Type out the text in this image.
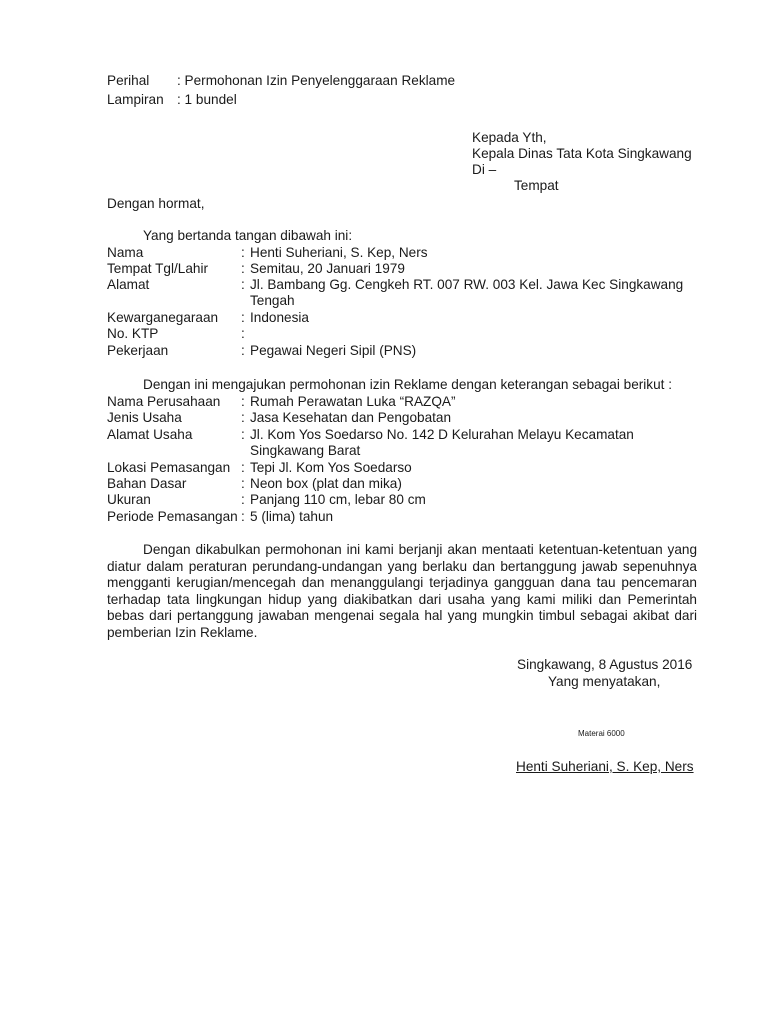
Perihal : Permohonan Izin Penyelenggaraan Reklame
Lampiran : 1 bundel
Kepada Yth,
Kepala Dinas Tata Kota Singkawang
Di –
Tempat
Dengan hormat,
Yang bertanda tangan dibawah ini:
Nama	: Henti Suheriani, S. Kep, Ners
Tempat Tgl/Lahir : Semitau, 20 Januari 1979
Alamat	: Jl. Bambang Gg. Cengkeh RT. 007 RW. 003 Kel. Jawa Kec Singkawang
Tengah
Kewarganegaraan : Indonesia
No. KTP	:
Pekerjaan	: Pegawai Negeri Sipil (PNS)
Dengan ini mengajukan permohonan izin Reklame dengan keterangan sebagai berikut :
Nama Perusahaan : Rumah Perawatan Luka “RAZQA”
Jenis Usaha	: Jasa Kesehatan dan Pengobatan
Alamat Usaha	: Jl. Kom Yos Soedarso No. 142 D Kelurahan Melayu Kecamatan
Singkawang Barat
Lokasi Pemasangan : Tepi Jl. Kom Yos Soedarso
Bahan Dasar	: Neon box (plat dan mika)
Ukuran	: Panjang 110 cm, lebar 80 cm
Periode Pemasangan : 5 (lima) tahun
Dengan dikabulkan permohonan ini kami berjanji akan mentaati ketentuan-ketentuan yang diatur dalam peraturan perundang-undangan yang berlaku dan bertanggung jawab sepenuhnya mengganti kerugian/mencegah dan menanggulangi terjadinya gangguan dana tau pencemaran terhadap tata lingkungan hidup yang diakibatkan dari usaha yang kami miliki dan Pemerintah bebas dari pertanggung jawaban mengenai segala hal yang mungkin timbul sebagai akibat dari pemberian Izin Reklame.
Singkawang, 8 Agustus 2016
Yang menyatakan,
Materai 6000
Henti Suheriani, S. Kep, Ners
